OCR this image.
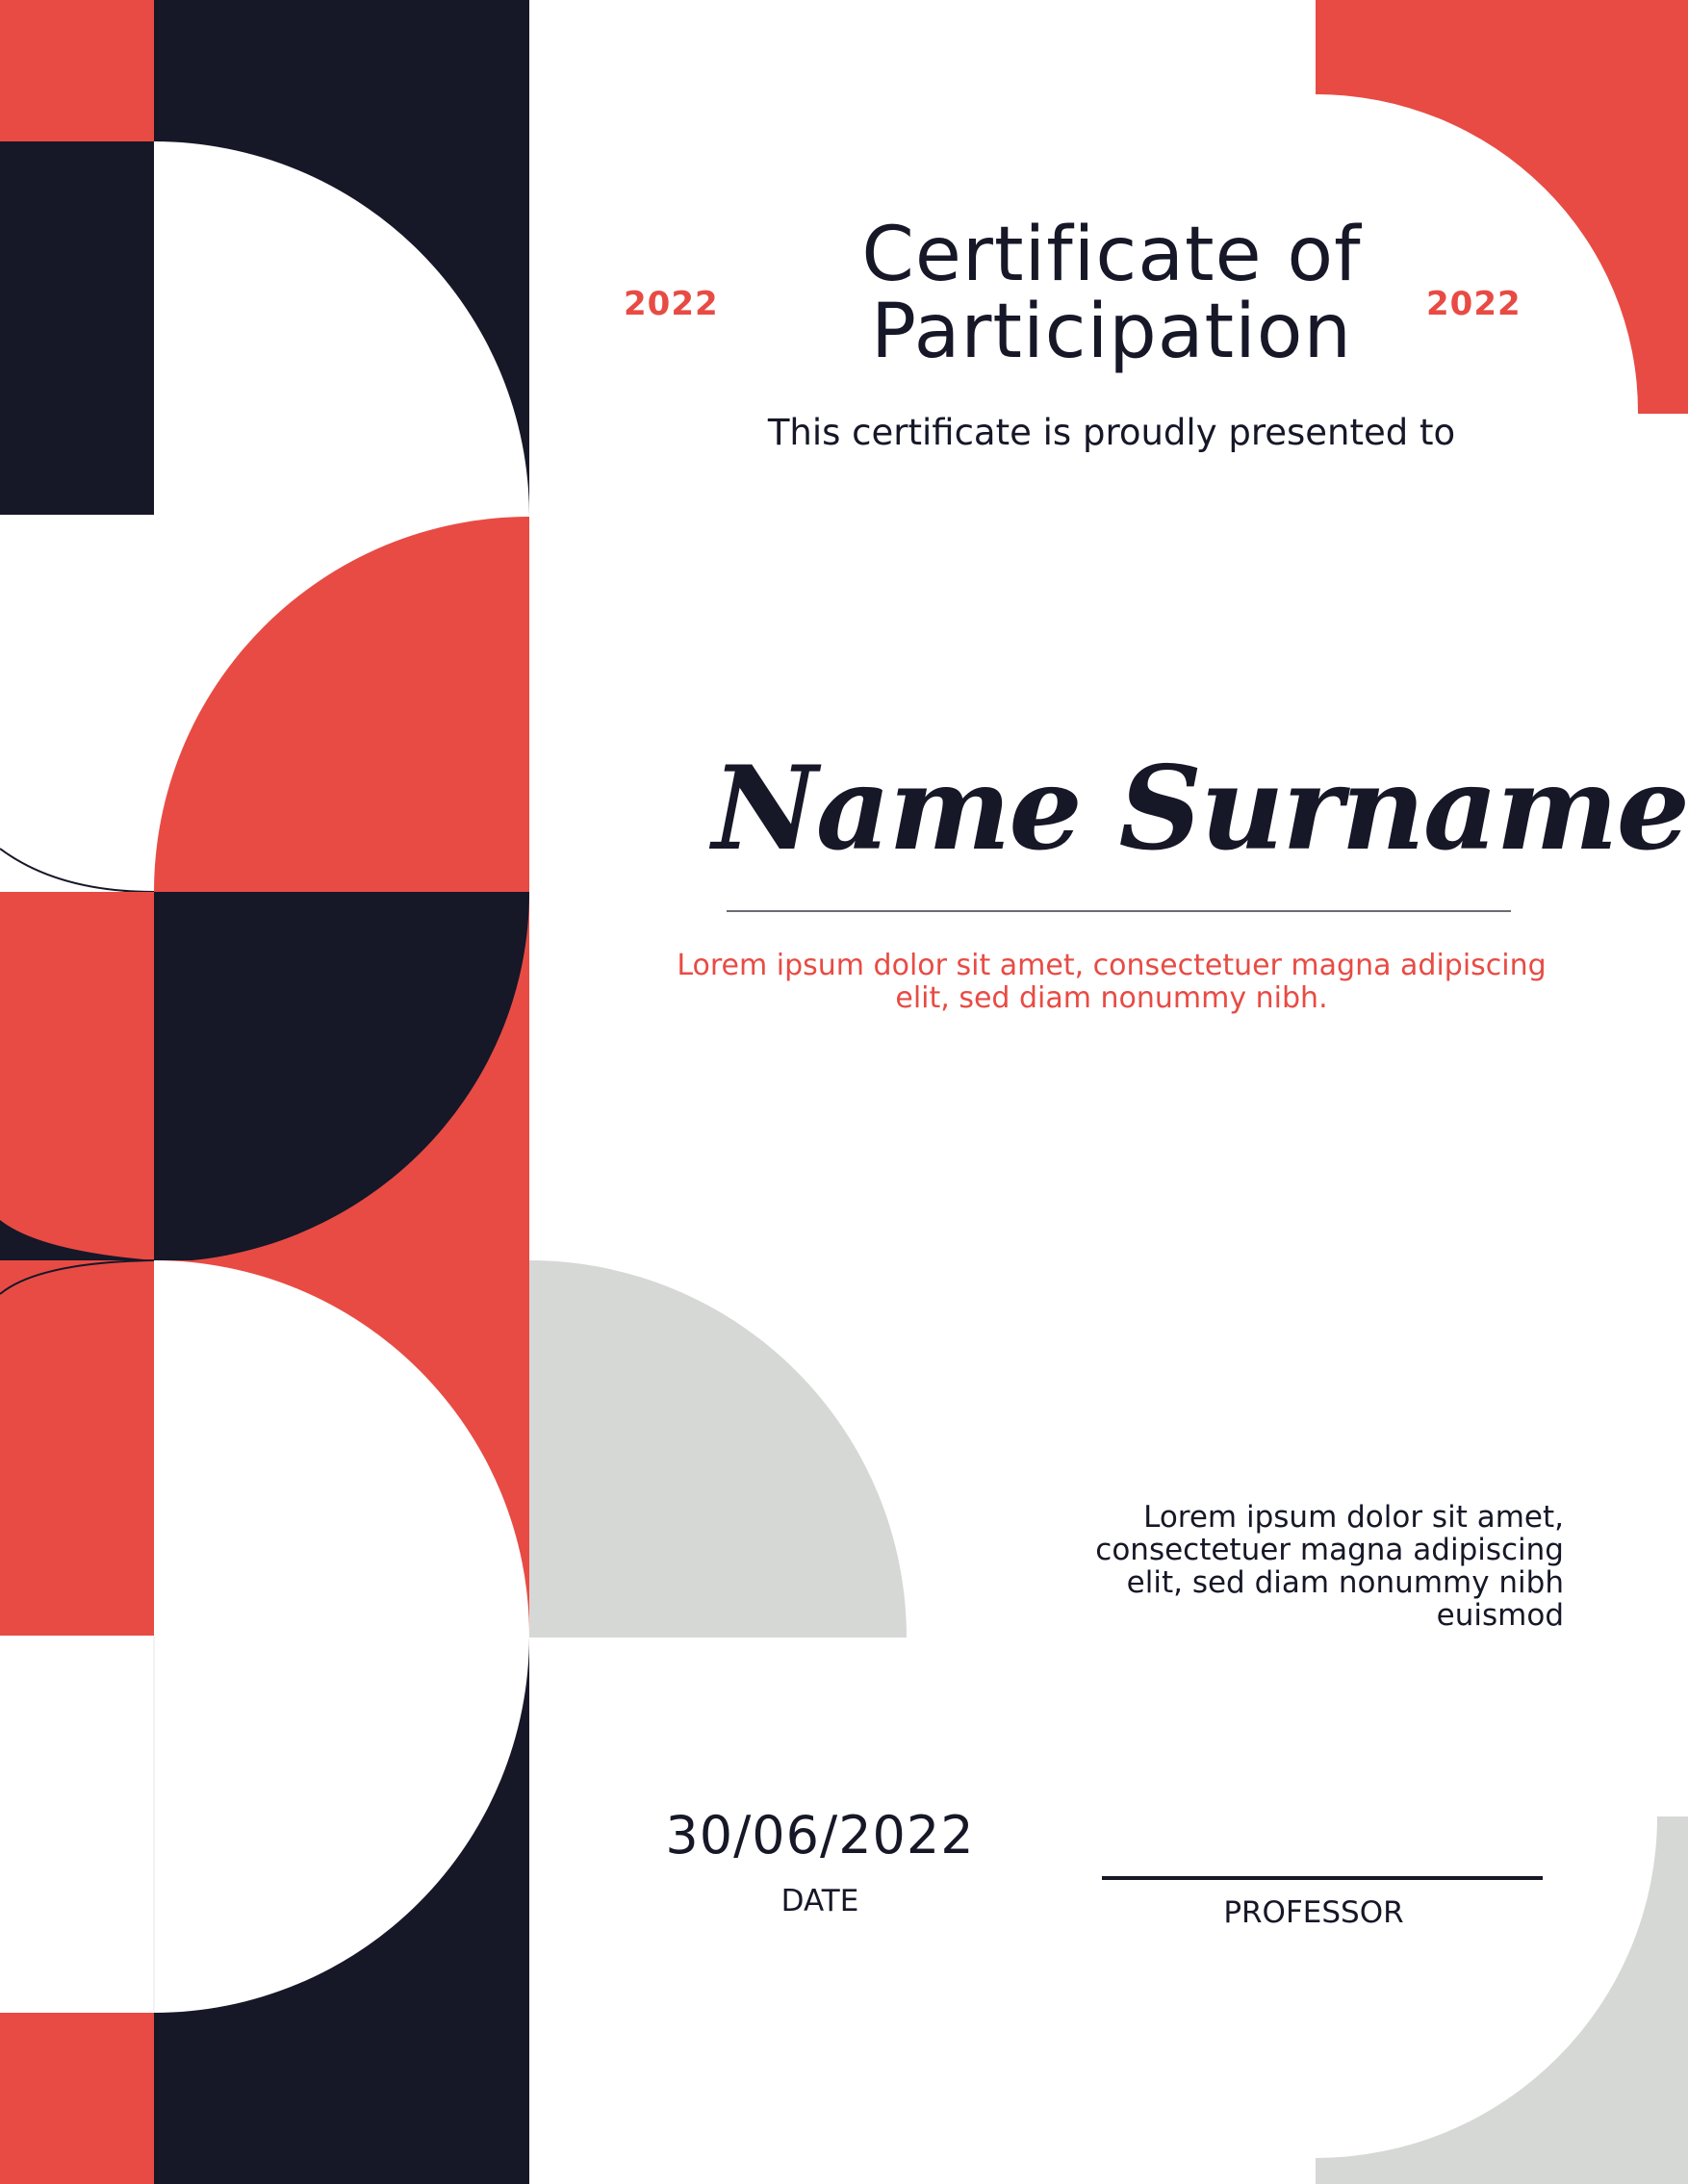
2022	2022

Certificate of Participation

This certificate is proudly presented to

Name Surname

Lorem ipsum dolor sit amet, consectetuer magna adipiscing elit, sed diam nonummy nibh.

Lorem ipsum dolor sit amet, consectetuer magna adipiscing elit, sed diam nonummy nibh euismod

30/06/2022

DATE	PROFESSOR
